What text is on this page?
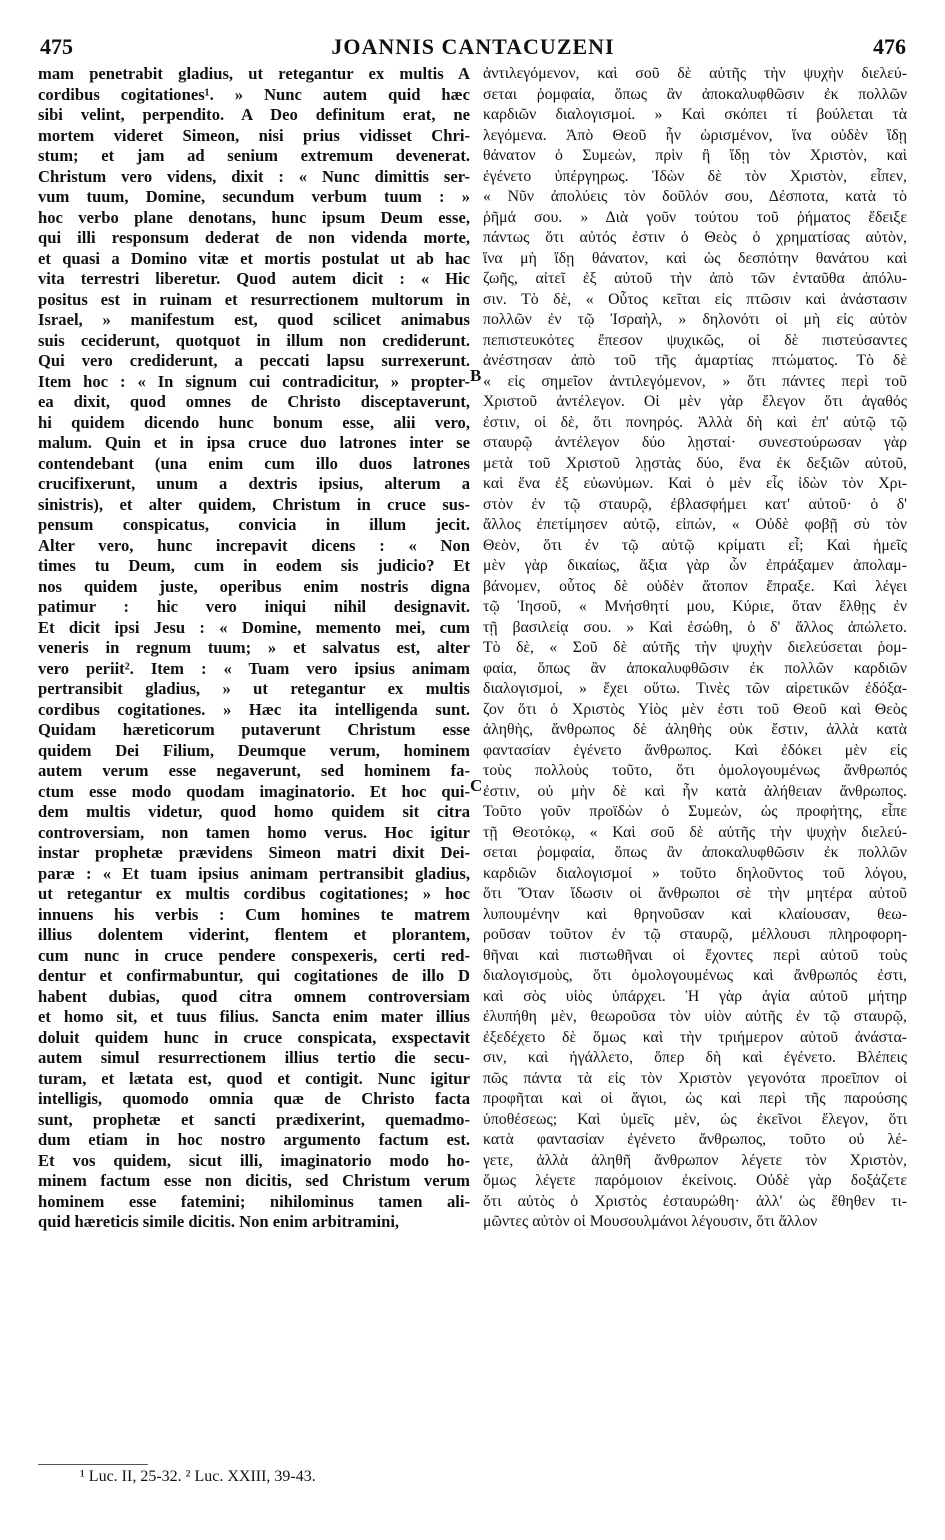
475	JOANNIS CANTACUZENI	476
mam penetrabit gladius, ut retegantur ex multis A
cordibus cogitationes¹. » Nunc autem quid hæc
sibi velint, perpendito. A Deo definitum erat, ne
mortem videret Simeon, nisi prius vidisset Chri-
stum; et jam ad senium extremum devenerat.
Christum vero videns, dixit : « Nunc dimittis ser-
vum tuum, Domine, secundum verbum tuum : »
hoc verbo plane denotans, hunc ipsum Deum esse,
qui illi responsum dederat de non videnda morte,
et quasi a Domino vitæ et mortis postulat ut ab hac
vita terrestri liberetur. Quod autem dicit : « Hic
positus est in ruinam et resurrectionem multorum in
Israel, » manifestum est, quod scilicet animabus
suis ceciderunt, quotquot in illum non crediderunt.
Qui vero crediderunt, a peccati lapsu surrexerunt.
Item hoc : « In signum cui contradicitur, » propter-
ea dixit, quod omnes de Christo disceptaverunt,
hi quidem dicendo hunc bonum esse, alii vero,
malum. Quin et in ipsa cruce duo latrones inter se
contendebant (una enim cum illo duos latrones
crucifixerunt, unum a dextris ipsius, alterum a
sinistris), et alter quidem, Christum in cruce sus-
pensum conspicatus, convicia in illum jecit.
Alter vero, hunc increpavit dicens : « Non
times tu Deum, cum in eodem sis judicio? Et
nos quidem juste, operibus enim nostris digna
patimur : hic vero iniqui nihil designavit.
Et dicit ipsi Jesu : « Domine, memento mei, cum
veneris in regnum tuum; » et salvatus est, alter
vero periit². Item : « Tuam vero ipsius animam
pertransibit gladius, » ut retegantur ex multis
cordibus cogitationes. » Hæc ita intelligenda sunt.
Quidam hæreticorum putaverunt Christum esse
quidem Dei Filium, Deumque verum, hominem
autem verum esse negaverunt, sed hominem fa-
ctum esse modo quodam imaginatorio. Et hoc qui-
dem multis videtur, quod homo quidem sit citra
controversiam, non tamen homo verus. Hoc igitur
instar prophetæ prævidens Simeon matri dixit Dei-
paræ : « Et tuam ipsius animam pertransibit gladius,
ut retegantur ex multis cordibus cogitationes; » hoc
innuens his verbis : Cum homines te matrem
illius dolentem viderint, flentem et plorantem,
cum nunc in cruce pendere conspexeris, certi red-
dentur et confirmabuntur, qui cogitationes de illo D
habent dubias, quod citra omnem controversiam
et homo sit, et tuus filius. Sancta enim mater illius
doluit quidem hunc in cruce conspicata, exspectavit
autem simul resurrectionem illius tertio die secu-
turam, et lætata est, quod et contigit. Nunc igitur
intelligis, quomodo omnia quæ de Christo facta
sunt, prophetæ et sancti prædixerint, quemadmo-
dum etiam in hoc nostro argumento factum est.
Et vos quidem, sicut illi, imaginatorio modo ho-
minem factum esse non dicitis, sed Christum verum
hominem esse fatemini; nihilominus tamen ali-
quid hæreticis simile dicitis. Non enim arbitramini,
ἀντιλεγόμενον, καὶ σοῦ δὲ αὐτῆς τὴν ψυχὴν διελεύ-
σεται ῥομφαία, ὅπως ἂν ἀποκαλυφθῶσιν ἐκ πολλῶν
καρδιῶν διαλογισμοί. » Καὶ σκόπει τί βούλεται τὰ
λεγόμενα. Ἀπὸ Θεοῦ ἦν ὡρισμένον, ἵνα οὐδὲν ἴδῃ
θάνατον ὁ Συμεὼν, πρὶν ἢ ἴδῃ τὸν Χριστὸν, καὶ
ἐγένετο ὑπέργηρως. Ἰδὼν δὲ τὸν Χριστὸν, εἶπεν,
« Νῦν ἀπολύεις τὸν δοῦλόν σου, Δέσποτα, κατὰ τὸ
ῥῆμά σου. » Διὰ γοῦν τούτου τοῦ ῥήματος ἔδειξε
πάντως ὅτι αὐτός ἐστιν ὁ Θεὸς ὁ χρηματίσας αὐτὸν,
ἵνα μὴ ἴδῃ θάνατον, καὶ ὡς δεσπότην θανάτου καὶ
ζωῆς, αἰτεῖ ἐξ αὐτοῦ τὴν ἀπὸ τῶν ἐνταῦθα ἀπόλυ-
σιν. Τὸ δὲ, « Οὗτος κεῖται εἰς πτῶσιν καὶ ἀνάστασιν
πολλῶν ἐν τῷ Ἰσραὴλ, » δηλονότι οἱ μὴ εἰς αὐτὸν
πεπιστευκότες ἔπεσον ψυχικῶς, οἱ δὲ πιστεύσαντες
ἀνέστησαν ἀπὸ τοῦ τῆς ἁμαρτίας πτώματος. Τὸ δὲ
« εἰς σημεῖον ἀντιλεγόμενον, » ὅτι πάντες περὶ τοῦ
Χριστοῦ ἀντέλεγον. Οἱ μὲν γὰρ ἔλεγον ὅτι ἀγαθός
ἐστιν, οἱ δὲ, ὅτι πονηρός. Ἀλλὰ δὴ καὶ ἐπ' αὐτῷ τῷ
σταυρῷ ἀντέλεγον δύο λῃσταί· συνεστούρωσαν γὰρ
μετὰ τοῦ Χριστοῦ λῃστὰς δύο, ἕνα ἐκ δεξιῶν αὐτοῦ,
καὶ ἕνα ἐξ εὐωνύμων. Καὶ ὁ μὲν εἷς ἰδὼν τὸν Χρι-
στὸν ἐν τῷ σταυρῷ, ἐβλασφήμει κατ' αὐτοῦ· ὁ δ'
ἄλλος ἐπετίμησεν αὐτῷ, εἰπών, « Οὐδὲ φοβῇ σὺ τὸν
Θεὸν, ὅτι ἐν τῷ αὐτῷ κρίματι εἶ; Καὶ ἡμεῖς
μὲν γὰρ δικαίως, ἄξια γὰρ ὧν ἐπράξαμεν ἀπολαμ-
βάνομεν, οὗτος δὲ οὐδὲν ἄτοπον ἔπραξε. Καὶ λέγει
τῷ Ἰησοῦ, « Μνήσθητί μου, Κύριε, ὅταν ἔλθῃς ἐν
τῇ βασιλείᾳ σου. » Καὶ ἐσώθη, ὁ δ' ἄλλος ἀπώλετο.
Τὸ δὲ, « Σοῦ δὲ αὐτῆς τὴν ψυχὴν διελεύσεται ῥομ-
φαία, ὅπως ἂν ἀποκαλυφθῶσιν ἐκ πολλῶν καρδιῶν
διαλογισμοί, » ἔχει οὕτω. Τινὲς τῶν αἱρετικῶν ἐδόξα-
ζον ὅτι ὁ Χριστὸς Υἱὸς μὲν ἐστι τοῦ Θεοῦ καὶ Θεὸς
ἀληθὴς, ἄνθρωπος δὲ ἀληθὴς οὐκ ἔστιν, ἀλλὰ κατὰ
φαντασίαν ἐγένετο ἄνθρωπος. Καὶ ἐδόκει μὲν εἰς
τοὺς πολλοὺς τοῦτο, ὅτι ὁμολογουμένως ἄνθρωπός
ἐστιν, οὐ μὴν δὲ καὶ ἦν κατὰ ἀλήθειαν ἄνθρωπος.
Τοῦτο γοῦν προϊδὼν ὁ Συμεὼν, ὡς προφήτης, εἶπε
τῇ Θεοτόκῳ, « Καὶ σοῦ δὲ αὐτῆς τὴν ψυχὴν διελεύ-
σεται ῥομφαία, ὅπως ἂν ἀποκαλυφθῶσιν ἐκ πολλῶν
καρδιῶν διαλογισμοί » τοῦτο δηλοῦντος τοῦ λόγου,
ὅτι Ὅταν ἴδωσιν οἱ ἄνθρωποι σὲ τὴν μητέρα αὐτοῦ
λυπουμένην καὶ θρηνοῦσαν καὶ κλαίουσαν, θεω-
ροῦσαν τοῦτον ἐν τῷ σταυρῷ, μέλλουσι πληροφορη-
θῆναι καὶ πιστωθῆναι οἱ ἔχοντες περὶ αὐτοῦ τοὺς
διαλογισμοὺς, ὅτι ὁμολογουμένως καὶ ἄνθρωπός ἐστι,
καὶ σὸς υἱὸς ὑπάρχει. Ἡ γὰρ ἁγία αὐτοῦ μήτηρ
ἐλυπήθη μὲν, θεωροῦσα τὸν υἱὸν αὐτῆς ἐν τῷ σταυρῷ,
ἐξεδέχετο δὲ ὅμως καὶ τὴν τριήμερον αὐτοῦ ἀνάστα-
σιν, καὶ ἠγάλλετο, ὅπερ δὴ καὶ ἐγένετο. Βλέπεις
πῶς πάντα τὰ εἰς τὸν Χριστὸν γεγονότα προεῖπον οἱ
προφῆται καὶ οἱ ἅγιοι, ὡς καὶ περὶ τῆς παρούσης
ὑποθέσεως; Καὶ ὑμεῖς μὲν, ὡς ἐκεῖνοι ἔλεγον, ὅτι
κατὰ φαντασίαν ἐγένετο ἄνθρωπος, τοῦτο οὐ λέ-
γετε, ἀλλὰ ἀληθῆ ἄνθρωπον λέγετε τὸν Χριστὸν,
ὅμως λέγετε παρόμοιον ἐκείνοις. Οὐδὲ γὰρ δοξάζετε
ὅτι αὐτὸς ὁ Χριστὸς ἐσταυρώθη· ἀλλ' ὡς ἔθηθεν τι-
μῶντες αὐτὸν οἱ Μουσουλμάνοι λέγουσιν, ὅτι ἄλλον
B
C
¹ Luc. II, 25-32. ² Luc. XXIII, 39-43.
